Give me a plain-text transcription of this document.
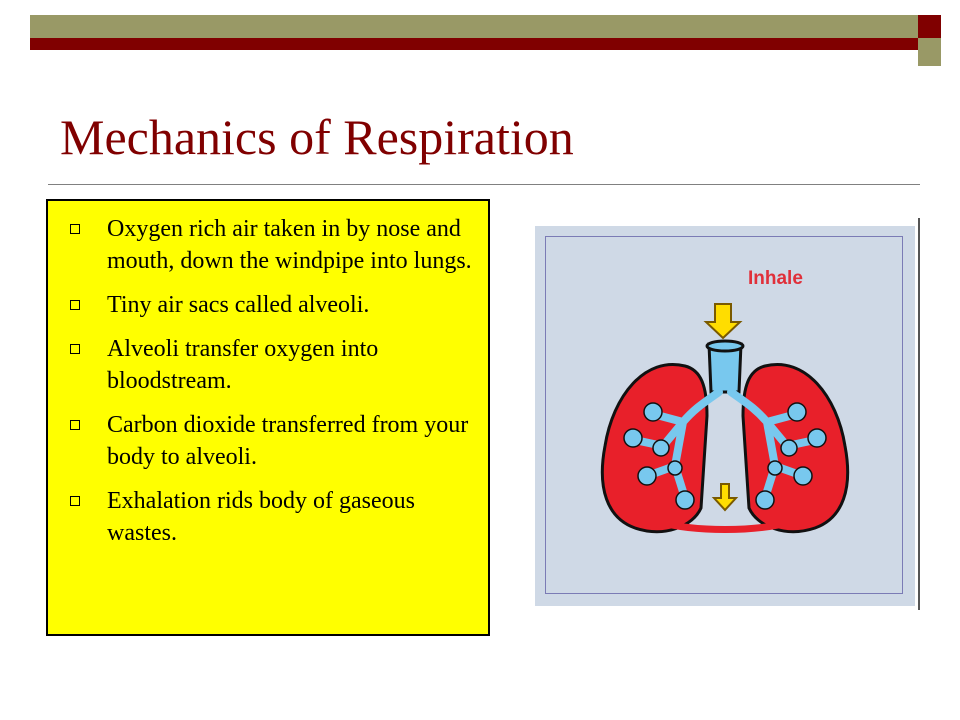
Mechanics of Respiration
Oxygen rich air taken in by nose and mouth, down the windpipe into lungs.
Tiny air sacs called alveoli.
Alveoli transfer oxygen into bloodstream.
Carbon dioxide transferred from your body to alveoli.
Exhalation rids body of gaseous wastes.
Inhale
